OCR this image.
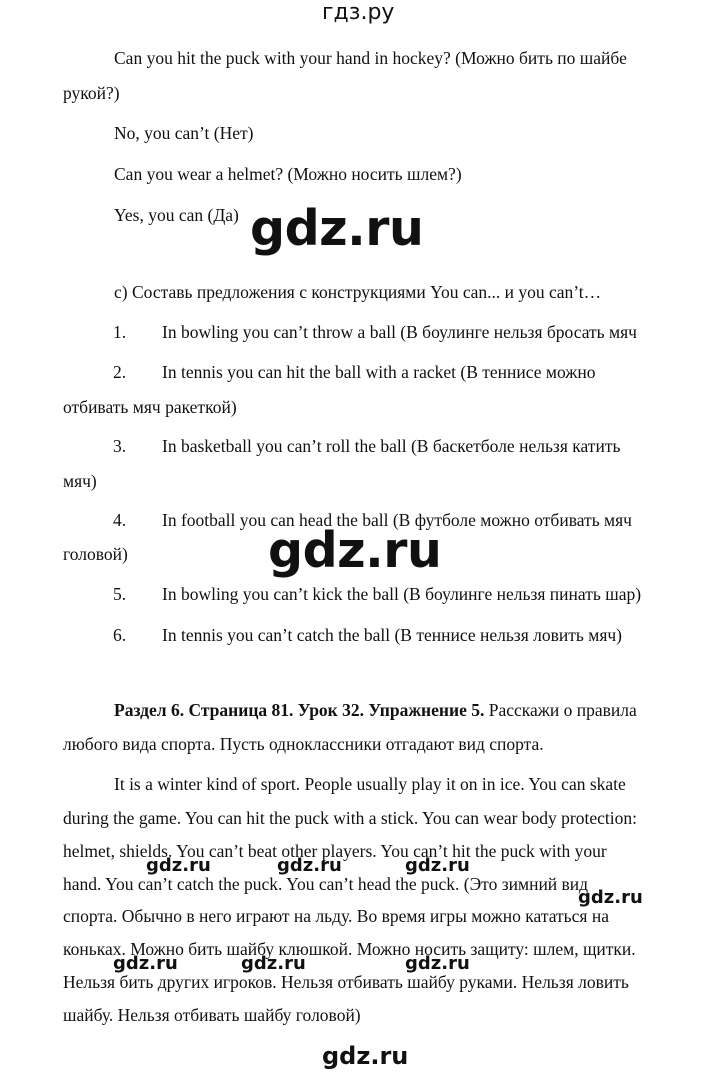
гдз.ру
Can you hit the puck with your hand in hockey? (Можно бить по шайбе
рукой?)
No, you can’t (Нет)
Can you wear a helmet? (Можно носить шлем?)
Yes, you can (Да) gdz.ru
c) Составь предложения с конструкциями You can... и you can’t…
1. In bowling you can’t throw a ball (В боулинге нельзя бросать мяч
2. In tennis you can hit the ball with a racket (В теннисе можно
отбивать мяч ракеткой)
3. In basketball you can’t roll the ball (В баскетболе нельзя катить
мяч)
4. In football you can head the ball (В футболе можно отбивать мяч
головой)	gdz.ru
5. In bowling you can’t kick the ball (В боулинге нельзя пинать шар)
6. In tennis you can’t catch the ball (В теннисе нельзя ловить мяч)
Раздел 6. Страница 81. Урок 32. Упражнение 5. Расскажи о правила
любого вида спорта. Пусть одноклассники отгадают вид спорта.
It is a winter kind of sport. People usually play it on in ice. You can skate
during the game. You can hit the puck with a stick. You can wear body protection:
helmet, shields. You can’t beat other players. You can’t hit the puck with your
hand. You can’t catch the puck. You can’t head the puck. (Это зимний вид
спорта. Обычно в него играют на льду. Во время игры можно кататься на
коньках. Можно бить шайбу клюшкой. Можно носить защиту: шлем, щитки.
Нельзя бить других игроков. Нельзя отбивать шайбу руками. Нельзя ловить
шайбу. Нельзя отбивать шайбу головой)
gdz.ru	gdz.ru	gdz.ru
gdz.ru
gdz.ru	gdz.ru	gdz.ru
gdz.ru
